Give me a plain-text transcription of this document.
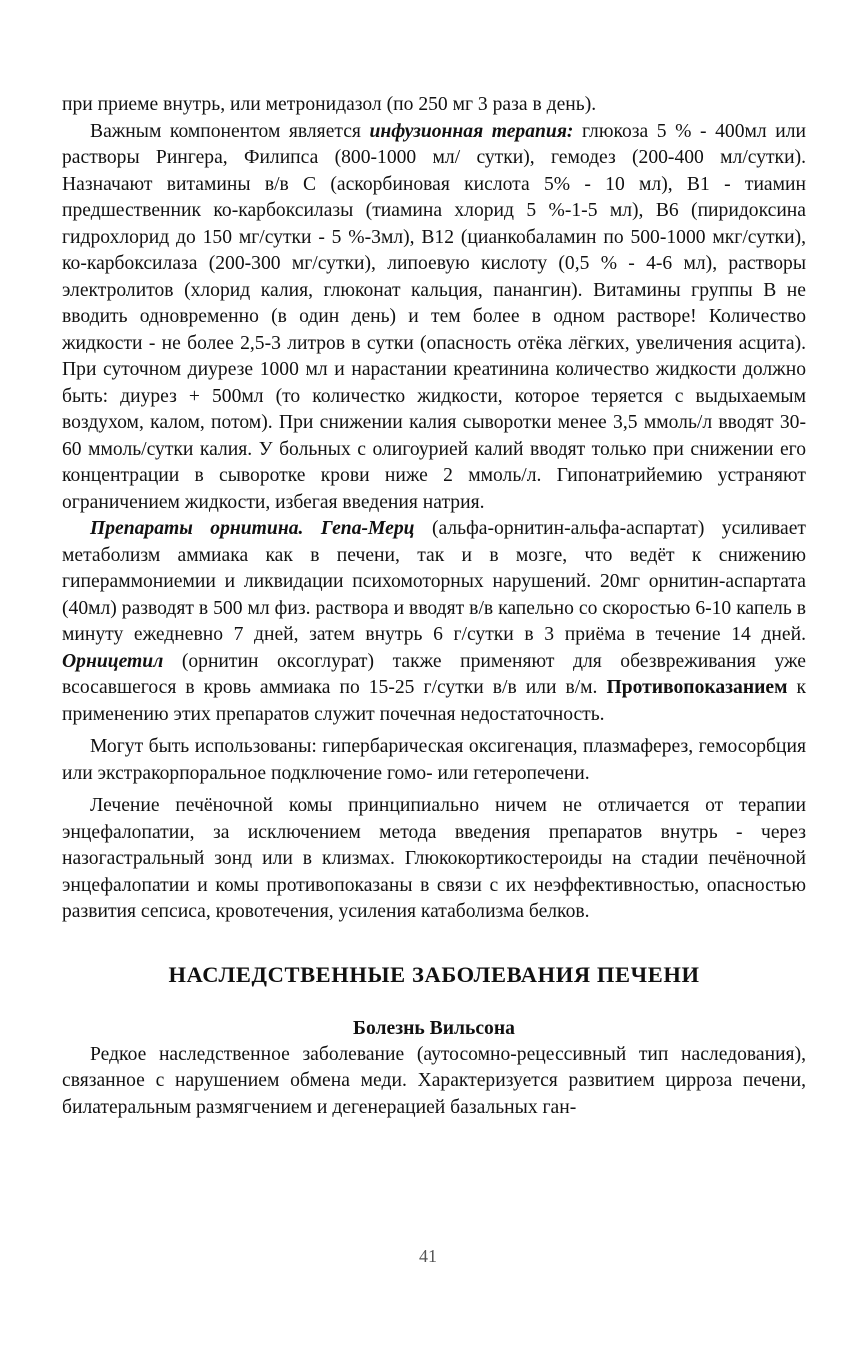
при приеме внутрь, или метронидазол (по 250 мг 3 раза в день).

Важным компонентом является инфузионная терапия: глюкоза 5 % - 400мл или растворы Рингера, Филипса (800-1000 мл/ сутки), гемодез (200-400 мл/сутки). Назначают витамины в/в С (аскорбиновая кислота 5% - 10 мл), В1 - тиамин предшественник ко-карбоксилазы (тиамина хлорид 5 %-1-5 мл), В6 (пиридоксина гидрохлорид до 150 мг/сутки - 5 %-3мл), В12 (цианкобаламин по 500-1000 мкг/сутки), ко-карбоксилаза (200-300 мг/сутки), липоевую кислоту (0,5 % - 4-6 мл), растворы электролитов (хлорид калия, глюконат кальция, панангин). Витамины группы В не вводить одновременно (в один день) и тем более в одном растворе! Количество жидкости - не более 2,5-3 литров в сутки (опасность отёка лёгких, увеличения асцита). При суточном диурезе 1000 мл и нарастании креатинина количество жидкости должно быть: диурез + 500мл (то количестко жидкости, которое теряется с выдыхаемым воздухом, калом, потом). При снижении калия сыворотки менее 3,5 ммоль/л вводят 30-60 ммоль/сутки калия. У больных с олигоурией калий вводят только при снижении его концентрации в сыворотке крови ниже 2 ммоль/л. Гипонатрийемию устраняют ограничением жидкости, избегая введения натрия.

Препараты орнитина. Гепа-Мерц (альфа-орнитин-альфа-аспартат) усиливает метаболизм аммиака как в печени, так и в мозге, что ведёт к снижению гипераммониемии и ликвидации психомоторных нарушений. 20мг орнитин-аспартата (40мл) разводят в 500 мл физ. раствора и вводят в/в капельно со скоростью 6-10 капель в минуту ежедневно 7 дней, затем внутрь 6 г/сутки в 3 приёма в течение 14 дней. Орницетил (орнитин оксоглурат) также применяют для обезвреживания уже всосавшегося в кровь аммиака по 15-25 г/сутки в/в или в/м. Противопоказанием к применению этих препаратов служит почечная недостаточность.

Могут быть использованы: гипербарическая оксигенация, плазмаферез, гемосорбция или экстракорпоральное подключение гомо- или гетеропечени.

Лечение печёночной комы принципиально ничем не отличается от терапии энцефалопатии, за исключением метода введения препаратов внутрь - через назогастральный зонд или в клизмах. Глюкокортикостероиды на стадии печёночной энцефалопатии и комы противопоказаны в связи с их неэффективностью, опасностью развития сепсиса, кровотечения, усиления катаболизма белков.

НАСЛЕДСТВЕННЫЕ ЗАБОЛЕВАНИЯ ПЕЧЕНИ
Болезнь Вильсона

Редкое наследственное заболевание (аутосомно-рецессивный тип наследования), связанное с нарушением обмена меди. Характеризуется развитием цирроза печени, билатеральным размягчением и дегенерацией базальных ган-

41
